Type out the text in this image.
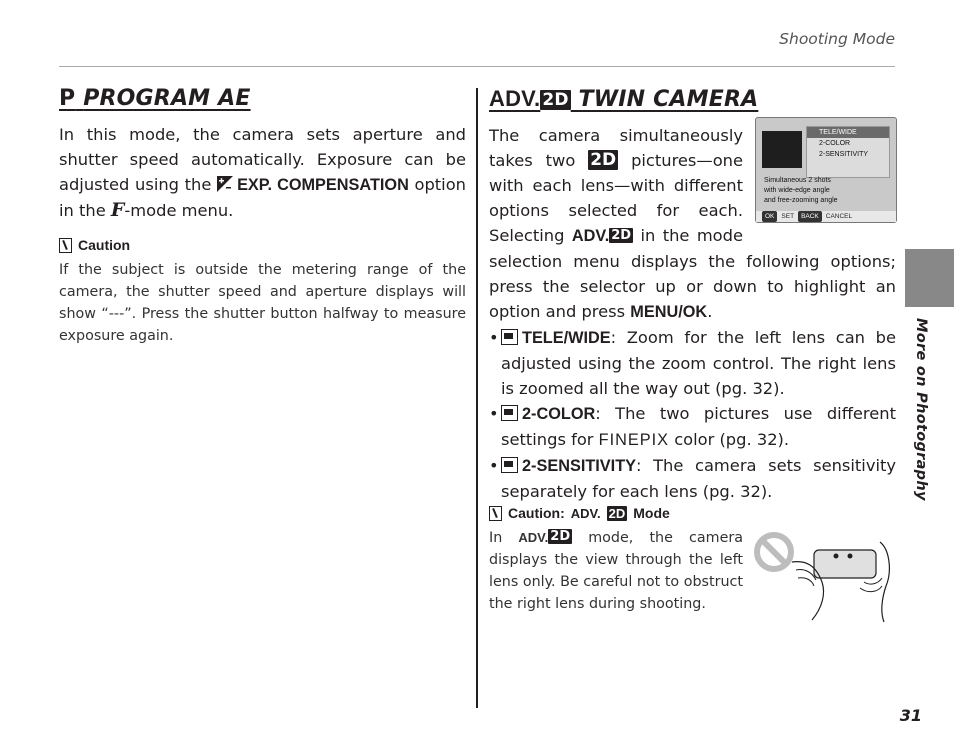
Shooting Mode
More on Photography
31
P PROGRAM AE

In this mode, the camera sets aperture and shutter speed automatically. Exposure can be adjusted using the
EXP. COMPENSATION option in the F-mode menu.

Caution
If the subject is outside the metering range of the camera, the shutter speed and aperture displays will show “---”. Press the shutter button halfway to measure exposure again.
ADV. 2D TWIN CAMERA
TELE/WIDE
2-COLOR
2-SENSITIVITY
Simultaneous 2 shots
with wide-edge angle
and free-zooming angle
OK	SET	BACK	CANCEL
The camera simultaneously takes two 2D pictures—one with each lens—with different options selected for each. Selecting ADV. 2D in the mode selection menu displays the following options; press the selector up or down to highlight an option and press MENU/OK.
• TELE/WIDE: Zoom for the left lens can be adjusted using the zoom control. The right lens is zoomed all the way out (pg. 32).
• 2-COLOR: The two pictures use different settings for FINEPIX color (pg. 32).
• 2-SENSITIVITY: The camera sets sensitivity separately for each lens (pg. 32).
Caution: ADV. 2D Mode
In ADV. 2D mode, the camera displays the view through the left lens only. Be careful not to obstruct the right lens during shooting.
